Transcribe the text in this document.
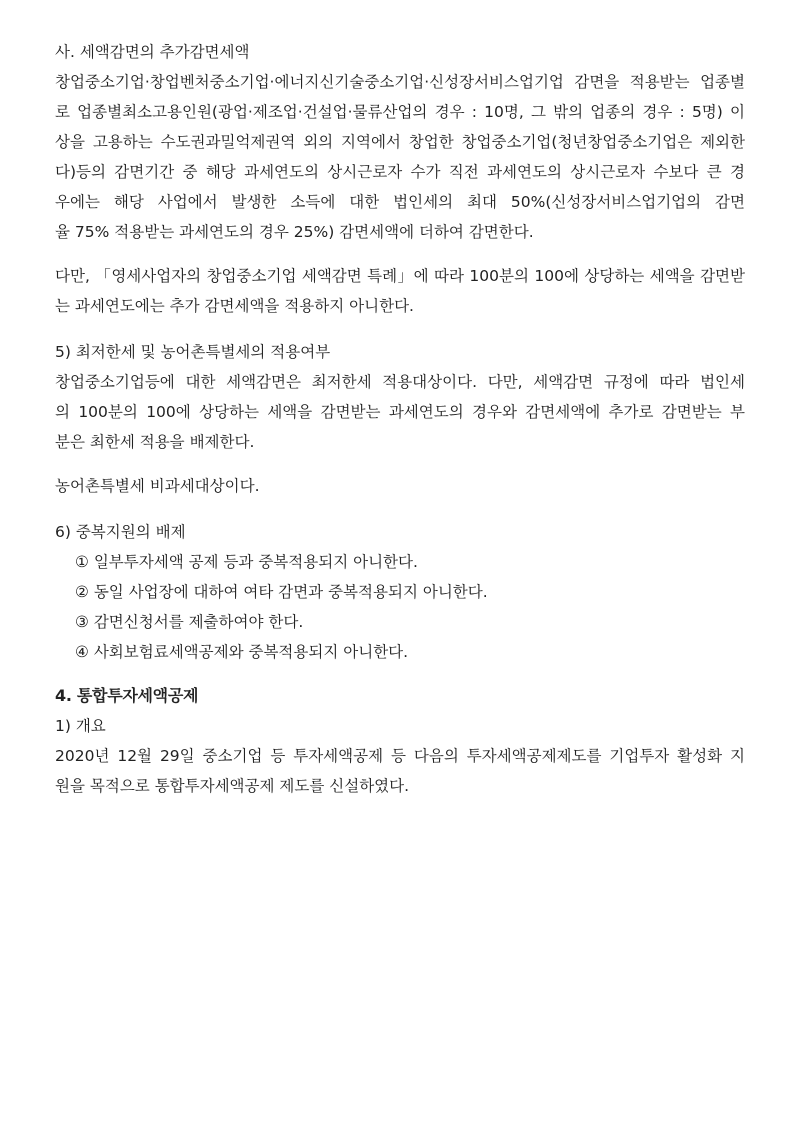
사. 세액감면의 추가감면세액
창업중소기업·창업벤처중소기업·에너지신기술중소기업·신성장서비스업기업 감면을 적용받는 업종별
로 업종별최소고용인원(광업·제조업·건설업·물류산업의 경우 : 10명, 그 밖의 업종의 경우 : 5명) 이
상을 고용하는 수도권과밀억제권역 외의 지역에서 창업한 창업중소기업(청년창업중소기업은 제외한
다)등의 감면기간 중 해당 과세연도의 상시근로자 수가 직전 과세연도의 상시근로자 수보다 큰 경
우에는 해당 사업에서 발생한 소득에 대한 법인세의 최대 50%(신성장서비스업기업의 감면
율 75% 적용받는 과세연도의 경우 25%) 감면세액에 더하여 감면한다.
다만, 「영세사업자의 창업중소기업 세액감면 특례」에 따라 100분의 100에 상당하는 세액을 감면받
는 과세연도에는 추가 감면세액을 적용하지 아니한다.
5) 최저한세 및 농어촌특별세의 적용여부
창업중소기업등에 대한 세액감면은 최저한세 적용대상이다. 다만, 세액감면 규정에 따라 법인세
의 100분의 100에 상당하는 세액을 감면받는 과세연도의 경우와 감면세액에 추가로 감면받는 부
분은 최한세 적용을 배제한다.
농어촌특별세 비과세대상이다.
6) 중복지원의 배제
① 일부투자세액 공제 등과 중복적용되지 아니한다.
② 동일 사업장에 대하여 여타 감면과 중복적용되지 아니한다.
③ 감면신청서를 제출하여야 한다.
④ 사회보험료세액공제와 중복적용되지 아니한다.
4. 통합투자세액공제
1) 개요
2020년 12월 29일 중소기업 등 투자세액공제 등 다음의 투자세액공제제도를 기업투자 활성화 지
원을 목적으로 통합투자세액공제 제도를 신설하였다.
